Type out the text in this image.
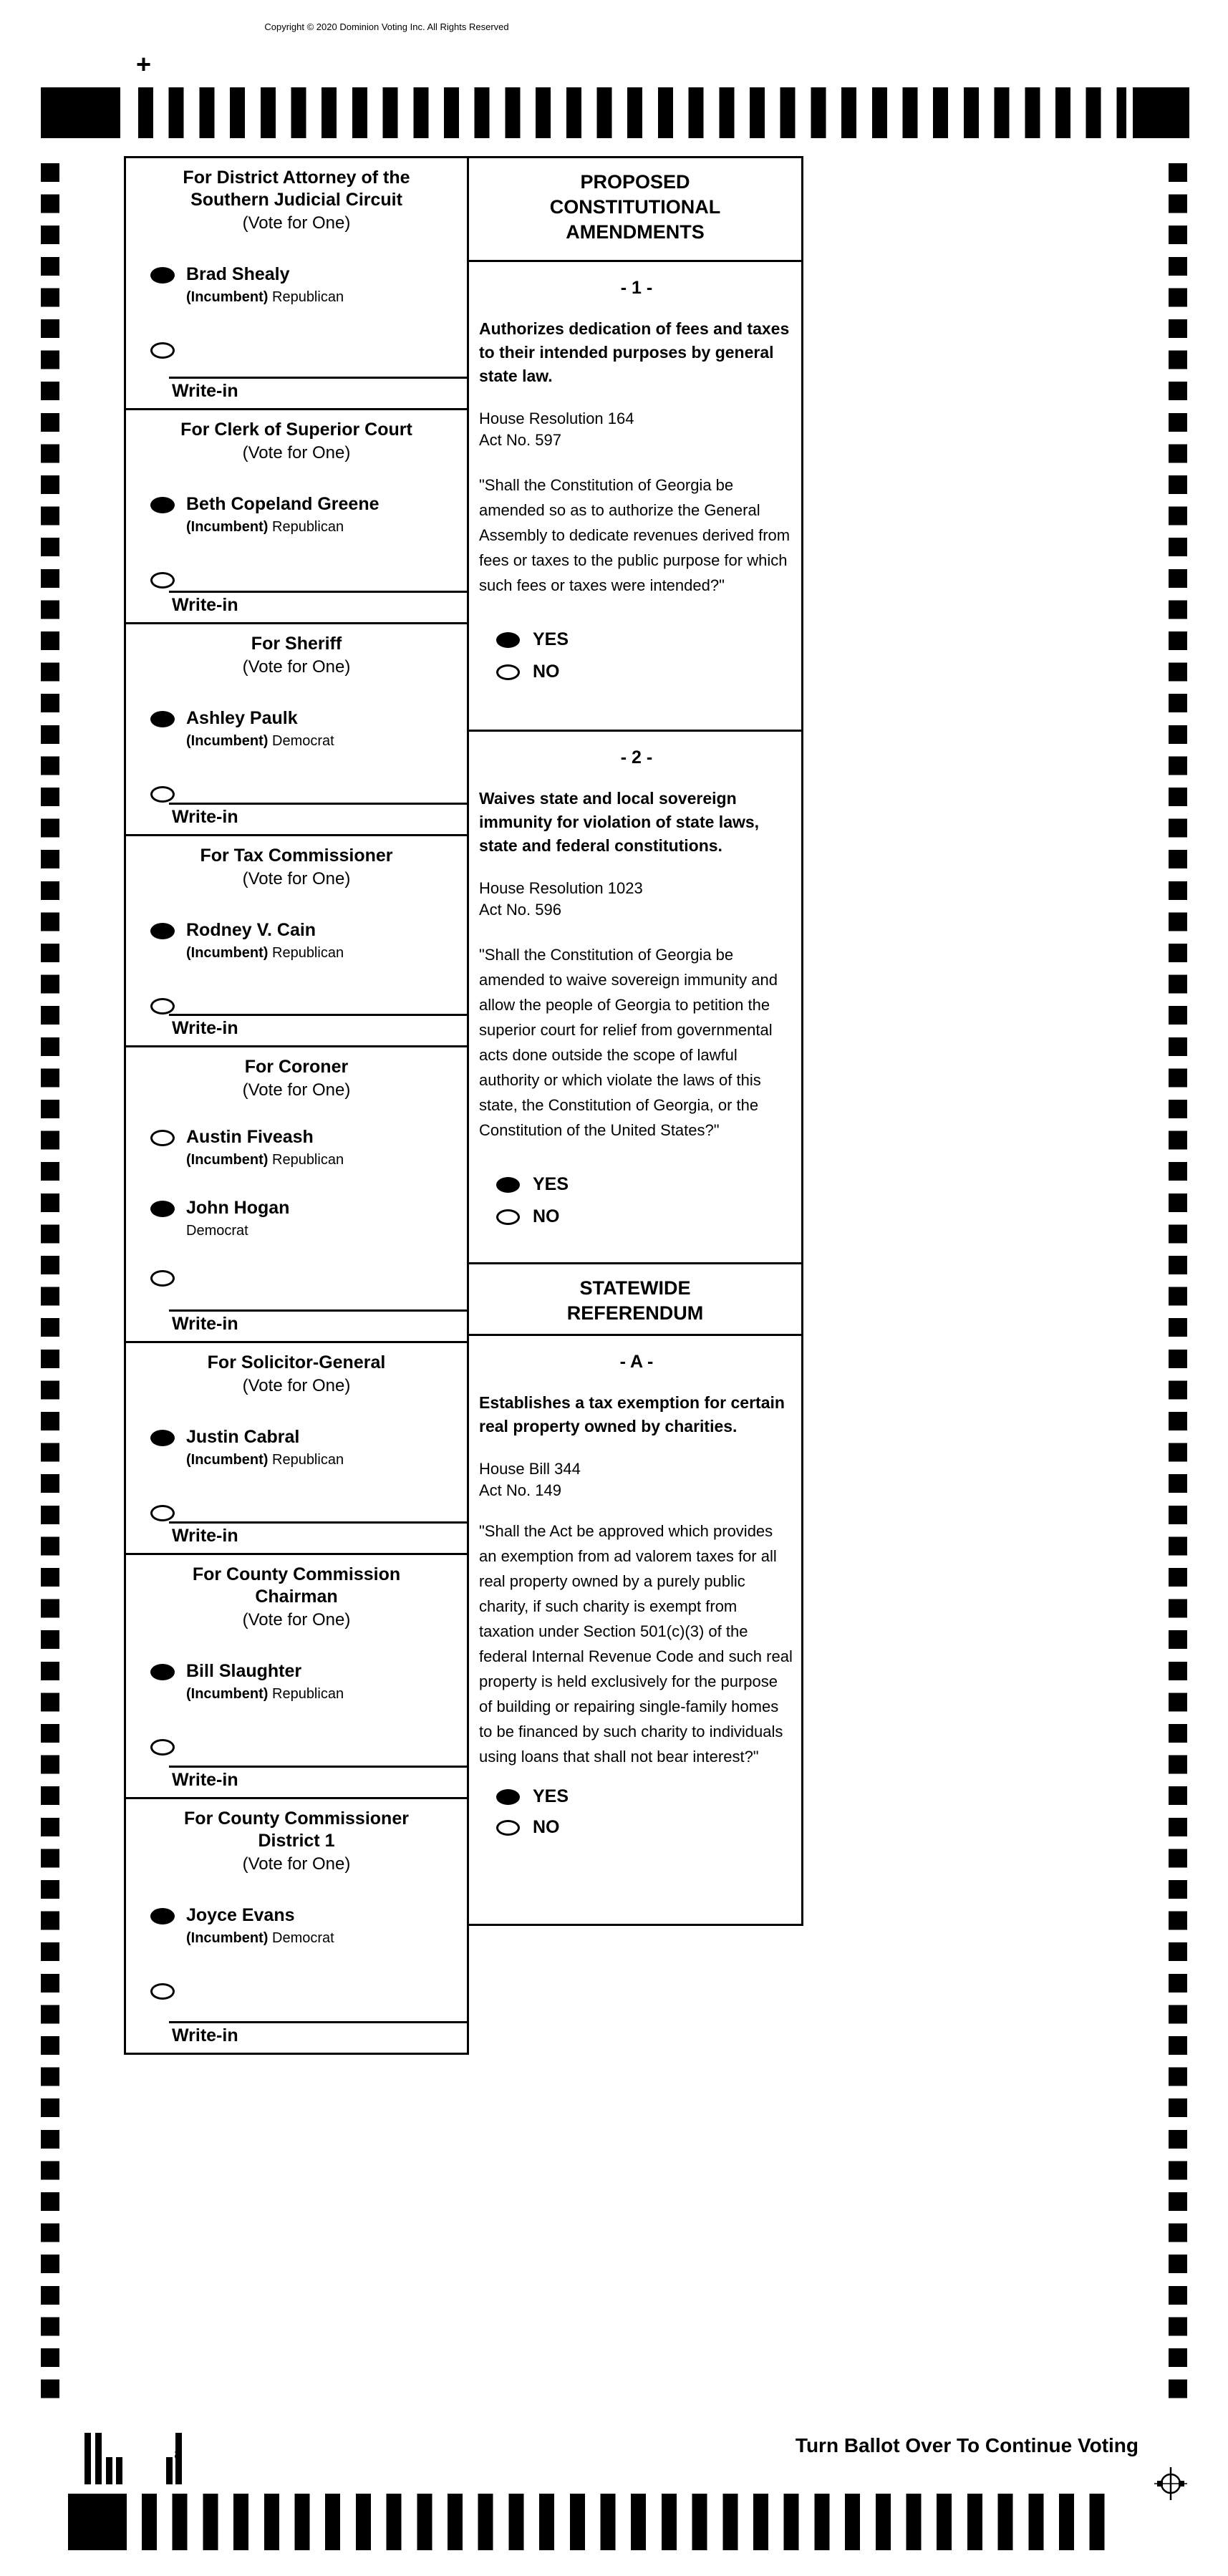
Copyright © 2020 Dominion Voting Inc. All Rights Reserved
+
For District Attorney of the
Southern Judicial Circuit
(Vote for One)
Brad Shealy
(Incumbent) Republican
Write-in
For Clerk of Superior Court
(Vote for One)
Beth Copeland Greene
(Incumbent) Republican
Write-in
For Sheriff
(Vote for One)
Ashley Paulk
(Incumbent) Democrat
Write-in
For Tax Commissioner
(Vote for One)
Rodney V. Cain
(Incumbent) Republican
Write-in
For Coroner
(Vote for One)
Austin Fiveash
(Incumbent) Republican
John Hogan
Democrat
Write-in
For Solicitor-General
(Vote for One)
Justin Cabral
(Incumbent) Republican
Write-in
For County Commission
Chairman
(Vote for One)
Bill Slaughter
(Incumbent) Republican
Write-in
For County Commissioner
District 1
(Vote for One)
Joyce Evans
(Incumbent) Democrat
Write-in
PROPOSED
CONSTITUTIONAL
AMENDMENTS
- 1 -

Authorizes dedication of fees and taxes to their intended purposes by general state law.

House Resolution 164
Act No. 597

"Shall the Constitution of Georgia be amended so as to authorize the General Assembly to dedicate revenues derived from fees or taxes to the public purpose for which such fees or taxes were intended?"

YES
NO
- 2 -

Waives state and local sovereign immunity for violation of state laws, state and federal constitutions.

House Resolution 1023
Act No. 596

"Shall the Constitution of Georgia be amended to waive sovereign immunity and allow the people of Georgia to petition the superior court for relief from governmental acts done outside the scope of lawful authority or which violate the laws of this state, the Constitution of Georgia, or the Constitution of the United States?"

YES
NO
STATEWIDE
REFERENDUM
- A -

Establishes a tax exemption for certain real property owned by charities.

House Bill 344
Act No. 149

"Shall the Act be approved which provides an exemption from ad valorem taxes for all real property owned by a purely public charity, if such charity is exempt from taxation under Section 501(c)(3) of the federal Internal Revenue Code and such real property is held exclusively for the purpose of building or repairing single-family homes to be financed by such charity to individuals using loans that shall not bear interest?"

YES
NO
43	Turn Ballot Over To Continue Voting
